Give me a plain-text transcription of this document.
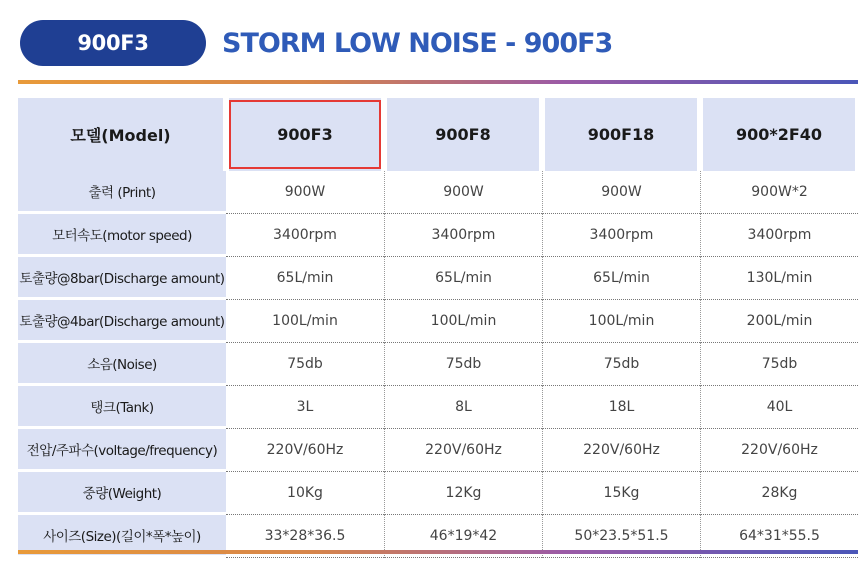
900F3	STORM LOW NOISE - 900F3
모델(Model)	900F3	900F8	900F18	900*2F40
출력 (Print)	900W	900W	900W	900W*2
모터속도(motor speed)	3400rpm	3400rpm	3400rpm	3400rpm
토출량@8bar(Discharge amount)	65L/min	65L/min	65L/min	130L/min
토출량@4bar(Discharge amount)	100L/min	100L/min	100L/min	200L/min
소음(Noise)	75db	75db	75db	75db
탱크(Tank)	3L	8L	18L	40L
전압/주파수(voltage/frequency)	220V/60Hz	220V/60Hz	220V/60Hz	220V/60Hz
중량(Weight)	10Kg	12Kg	15Kg	28Kg
사이즈(Size)(길이*폭*높이)	33*28*36.5	46*19*42	50*23.5*51.5	64*31*55.5
